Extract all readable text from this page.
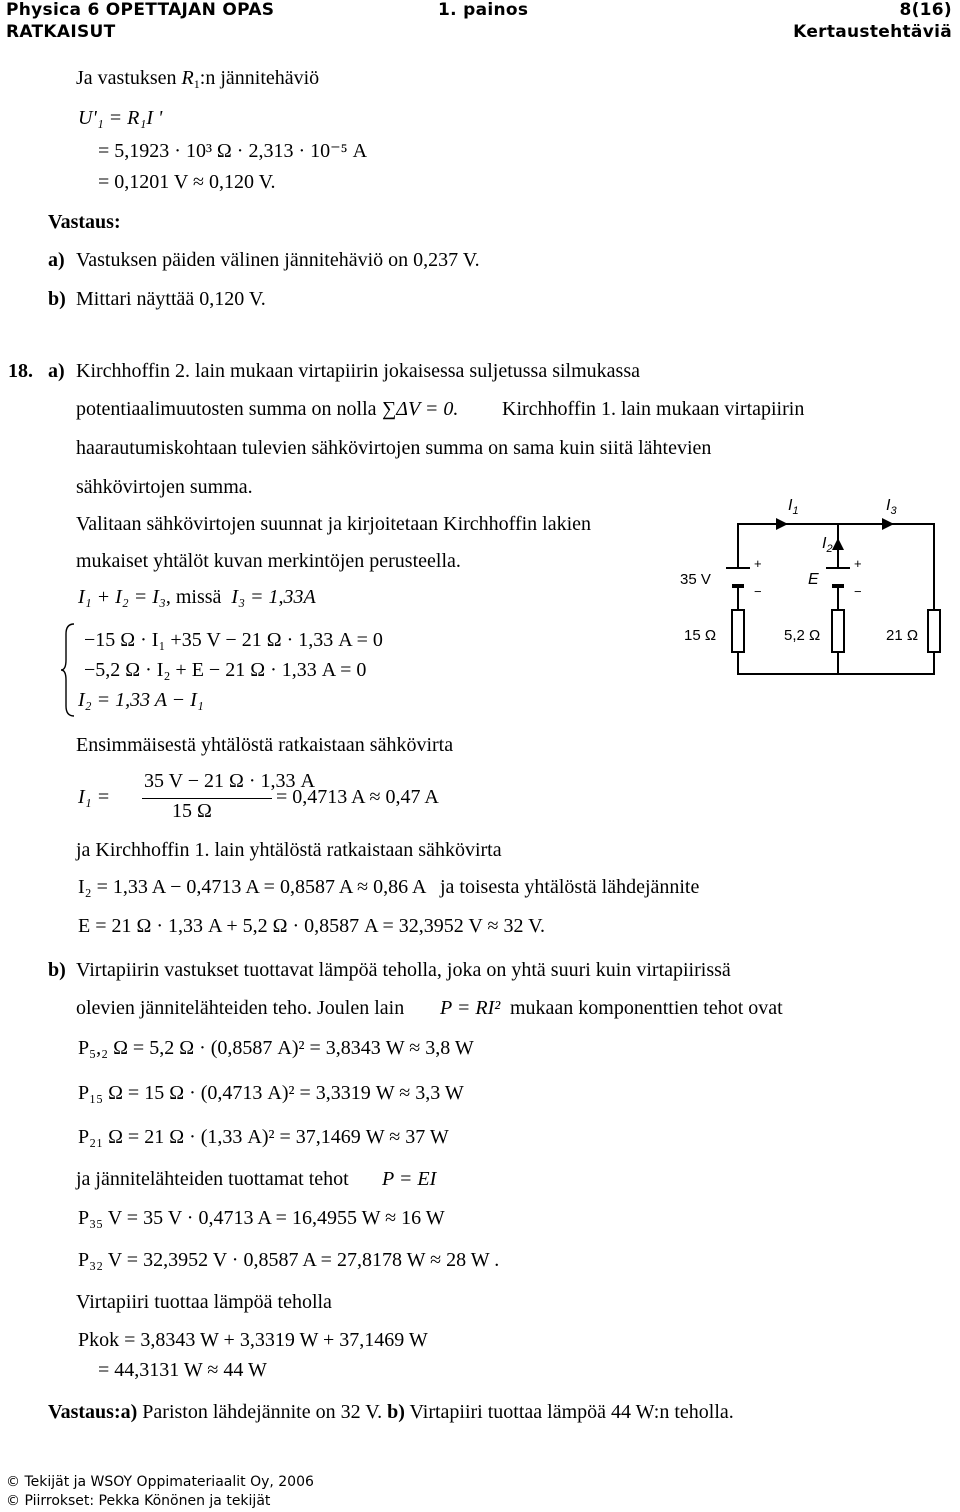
Physica 6 OPETTAJAN OPAS	1. painos	8(16)
RATKAISUT	Kertaustehtäviä
Ja vastuksen $R_1:n$ jännitehäviö
U'₁ = R₁I '
= 5,1923 · 10³ Ω · 2,313 · 10⁻⁵ A
= 0,1201 V ≈ 0,120 V.
Vastaus:
a) Vastuksen päiden välinen jännitehäviö on 0,237 V.
b) Mittari näyttää 0,120 V.
18. a) Kirchhoffin 2. lain mukaan virtapiirin jokaisessa suljetussa silmukassa
potentiaalimuutosten summa on nolla ∑ΔV = 0. Kirchhoffin 1. lain mukaan virtapiirin
haarautumiskohtaan tulevien sähkövirtojen summa on sama kuin siitä lähtevien
sähkövirtojen summa.
Valitaan sähkövirtojen suunnat ja kirjoitetaan Kirchhoffin lakien
mukaiset yhtälöt kuvan merkintöjen perusteella.
I₁ + I₂ = I₃, missä I₃ = 1,33A
−15 Ω · I₁ +35 V − 21 Ω · 1,33 A = 0
−5,2 Ω · I₂ + E − 21 Ω · 1,33 A = 0
I₂ = 1,33 A − I₁
Ensimmäisestä yhtälöstä ratkaistaan sähkövirta
I₁ =
35 V − 21 Ω · 1,33 A
15 Ω
= 0,4713 A ≈ 0,47 A
ja Kirchhoffin 1. lain yhtälöstä ratkaistaan sähkövirta
I₂ = 1,33 A − 0,4713 A = 0,8587 A ≈ 0,86 A ja toisesta yhtälöstä lähdejännite
E = 21 Ω · 1,33 A + 5,2 Ω · 0,8587 A = 32,3952 V ≈ 32 V.
b) Virtapiirin vastukset tuottavat lämpöä teholla, joka on yhtä suuri kuin virtapiirissä
olevien jännitelähteiden teho. Joulen lain P = RI² mukaan komponenttien tehot ovat
P₅,₂ Ω = 5,2 Ω · (0,8587 A)² = 3,8343 W ≈ 3,8 W
P₁₅ Ω = 15 Ω · (0,4713 A)² = 3,3319 W ≈ 3,3 W
P₂₁ Ω = 21 Ω · (1,33 A)² = 37,1469 W ≈ 37 W
ja jännitelähteiden tuottamat tehot P = EI
P₃₅ V = 35 V · 0,4713 A = 16,4955 W ≈ 16 W
P₃₂ V = 32,3952 V · 0,8587 A = 27,8178 W ≈ 28 W .
Virtapiiri tuottaa lämpöä teholla
Pkok = 3,8343 W + 3,3319 W + 37,1469 W
= 44,3131 W ≈ 44 W
Vastaus:a) Pariston lähdejännite on 32 V. b) Virtapiiri tuottaa lämpöä 44 W:n teholla.
$I_1$	$I_3$
$I_2$
35 V	E
+
−
+
−
15 Ω	5,2 Ω	21 Ω
© Tekijät ja WSOY Oppimateriaalit Oy, 2006
© Piirrokset: Pekka Könönen ja tekijät
